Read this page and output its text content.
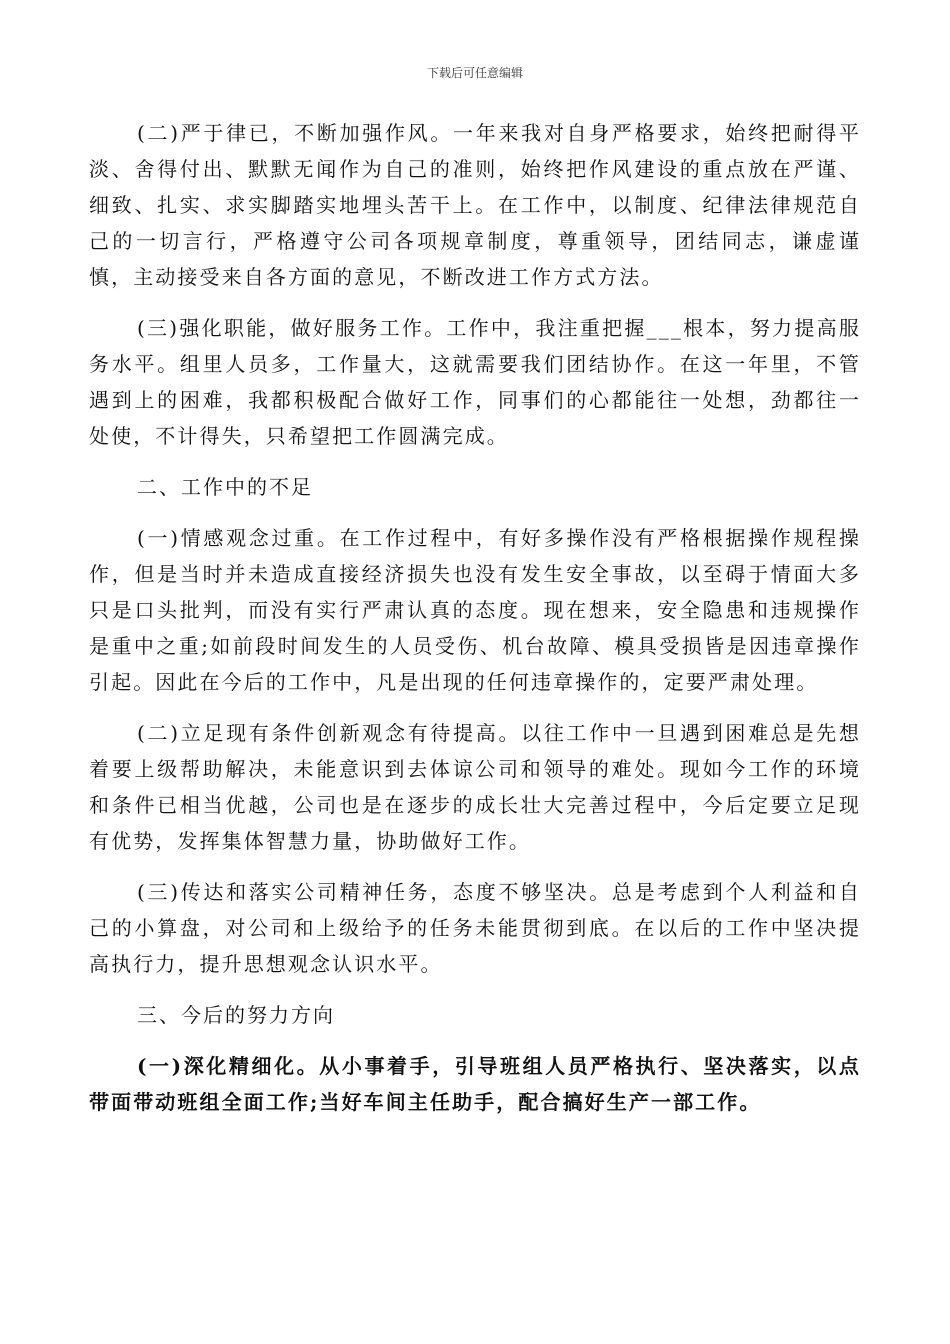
下载后可任意编辑

(二)严于律已，不断加强作风。一年来我对自身严格要求，始终把耐得平淡、舍得付出、默默无闻作为自己的准则，始终把作风建设的重点放在严谨、细致、扎实、求实脚踏实地埋头苦干上。在工作中，以制度、纪律法律规范自己的一切言行，严格遵守公司各项规章制度，尊重领导，团结同志，谦虚谨慎，主动接受来自各方面的意见，不断改进工作方式方法。

(三)强化职能，做好服务工作。工作中，我注重把握___根本，努力提高服务水平。组里人员多，工作量大，这就需要我们团结协作。在这一年里，不管遇到上的困难，我都积极配合做好工作，同事们的心都能往一处想，劲都往一处使，不计得失，只希望把工作圆满完成。

二、工作中的不足

(一)情感观念过重。在工作过程中，有好多操作没有严格根据操作规程操作，但是当时并未造成直接经济损失也没有发生安全事故，以至碍于情面大多只是口头批判，而没有实行严肃认真的态度。现在想来，安全隐患和违规操作是重中之重;如前段时间发生的人员受伤、机台故障、模具受损皆是因违章操作引起。因此在今后的工作中，凡是出现的任何违章操作的，定要严肃处理。

(二)立足现有条件创新观念有待提高。以往工作中一旦遇到困难总是先想着要上级帮助解决，未能意识到去体谅公司和领导的难处。现如今工作的环境和条件已相当优越，公司也是在逐步的成长壮大完善过程中，今后定要立足现有优势，发挥集体智慧力量，协助做好工作。

(三)传达和落实公司精神任务，态度不够坚决。总是考虑到个人利益和自己的小算盘，对公司和上级给予的任务未能贯彻到底。在以后的工作中坚决提高执行力，提升思想观念认识水平。

三、今后的努力方向

(一)深化精细化。从小事着手，引导班组人员严格执行、坚决落实，以点带面带动班组全面工作;当好车间主任助手，配合搞好生产一部工作。
